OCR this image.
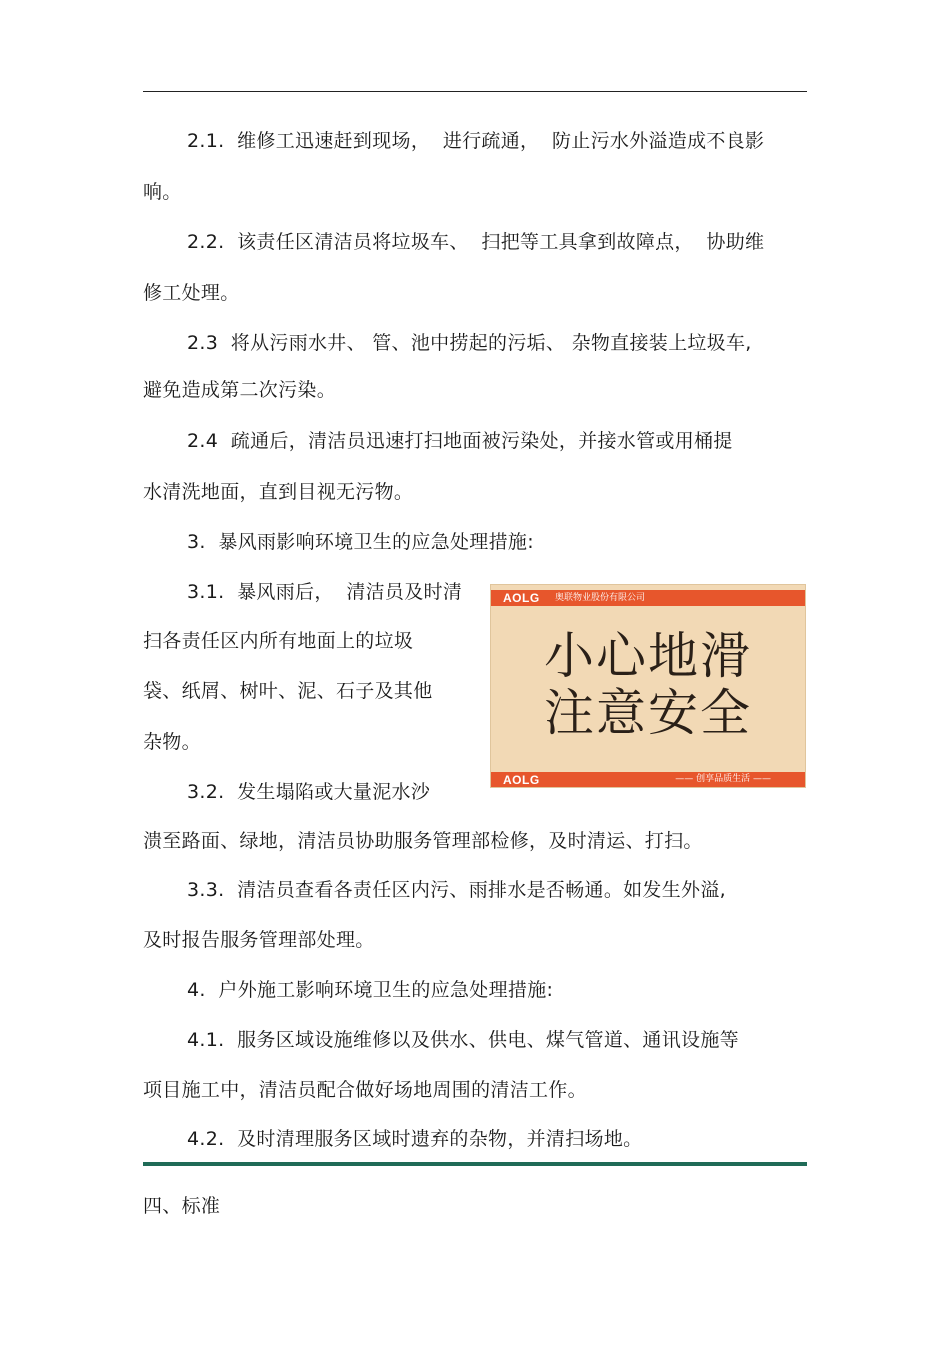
2.1.  维修工迅速赶到现场，  进行疏通，  防止污水外溢造成不良影
响。
2.2.  该责任区清洁员将垃圾车、  扫把等工具拿到故障点，  协助维
修工处理。
2.3  将从污雨水井、 管、池中捞起的污垢、 杂物直接装上垃圾车,
避免造成第二次污染。
2.4  疏通后，清洁员迅速打扫地面被污染处，并接水管或用桶提
水清洗地面，直到目视无污物。
3.  暴风雨影响环境卫生的应急处理措施:
3.1.  暴风雨后，  清洁员及时清
扫各责任区内所有地面上的垃圾
袋、纸屑、树叶、泥、石子及其他
杂物。
AOLG 奥联物业股份有限公司
小心地滑
注意安全
AOLG	—— 创享品质生活 ——
3.2.  发生塌陷或大量泥水沙
溃至路面、绿地，清洁员协助服务管理部检修，及时清运、打扫。
3.3.  清洁员查看各责任区内污、雨排水是否畅通。如发生外溢,
及时报告服务管理部处理。
4.  户外施工影响环境卫生的应急处理措施:
4.1.  服务区域设施维修以及供水、供电、煤气管道、通讯设施等
项目施工中，清洁员配合做好场地周围的清洁工作。
4.2.  及时清理服务区域时遗弃的杂物，并清扫场地。
四、标准
